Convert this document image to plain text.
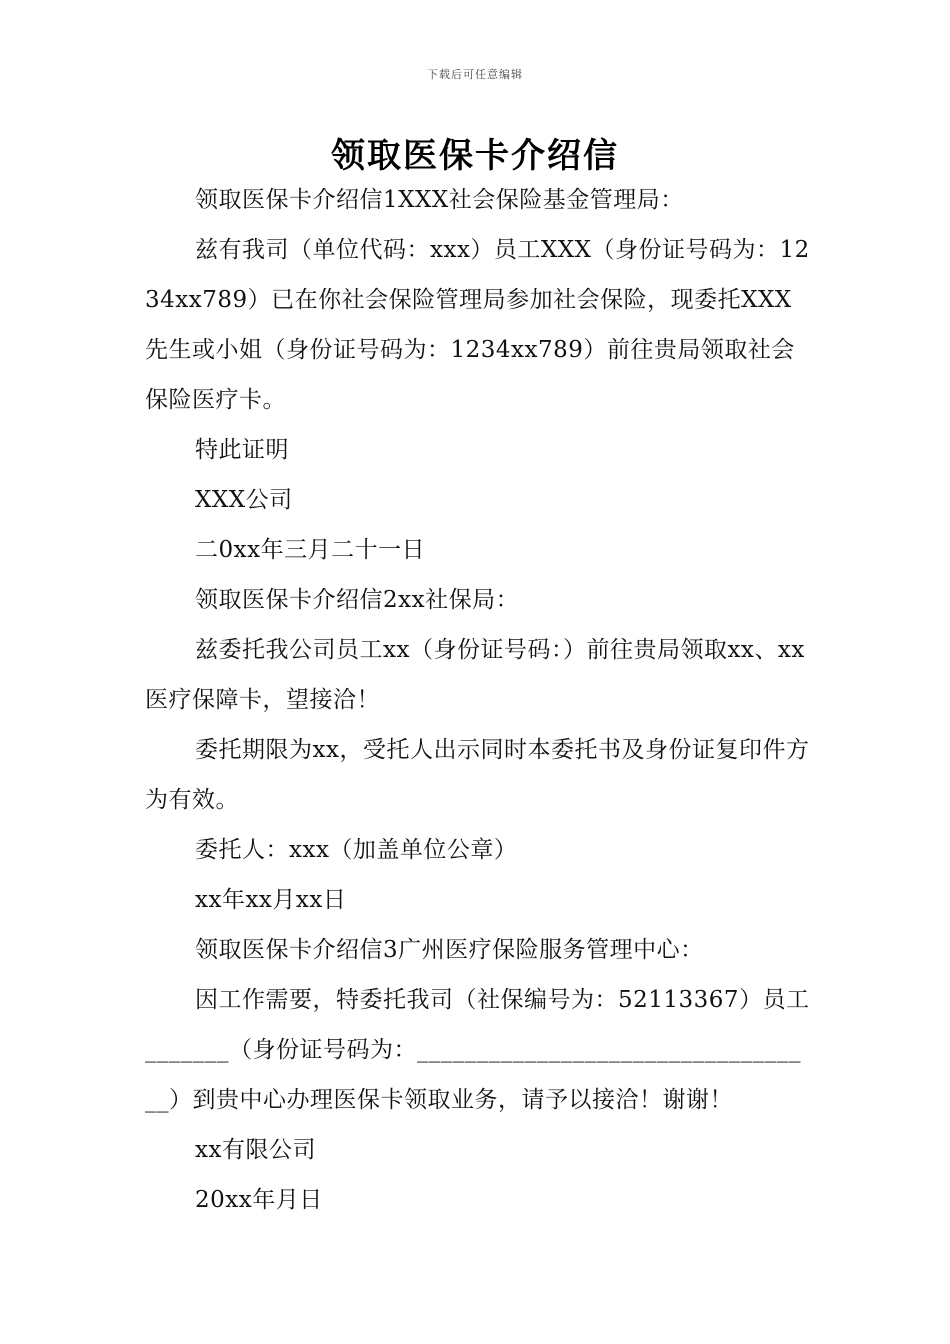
下载后可任意编辑
领取医保卡介绍信

领取医保卡介绍信1XXX社会保险基金管理局：

兹有我司（单位代码：xxx）员工XXX（身份证号码为：1234xx789）已在你社会保险管理局参加社会保险，现委托XXX先生或小姐（身份证号码为：1234xx789）前往贵局领取社会保险医疗卡。

特此证明

XXX公司

二0xx年三月二十一日

领取医保卡介绍信2xx社保局：

兹委托我公司员工xx（身份证号码：）前往贵局领取xx、xx医疗保障卡，望接洽！

委托期限为xx，受托人出示同时本委托书及身份证复印件方为有效。

委托人：xxx（加盖单位公章）

xx年xx月xx日

领取医保卡介绍信3广州医疗保险服务管理中心：

因工作需要，特委托我司（社保编号为：52113367）员工_______（身份证号码为：__________________________________）到贵中心办理医保卡领取业务，请予以接洽！谢谢！

xx有限公司

20xx年月日
